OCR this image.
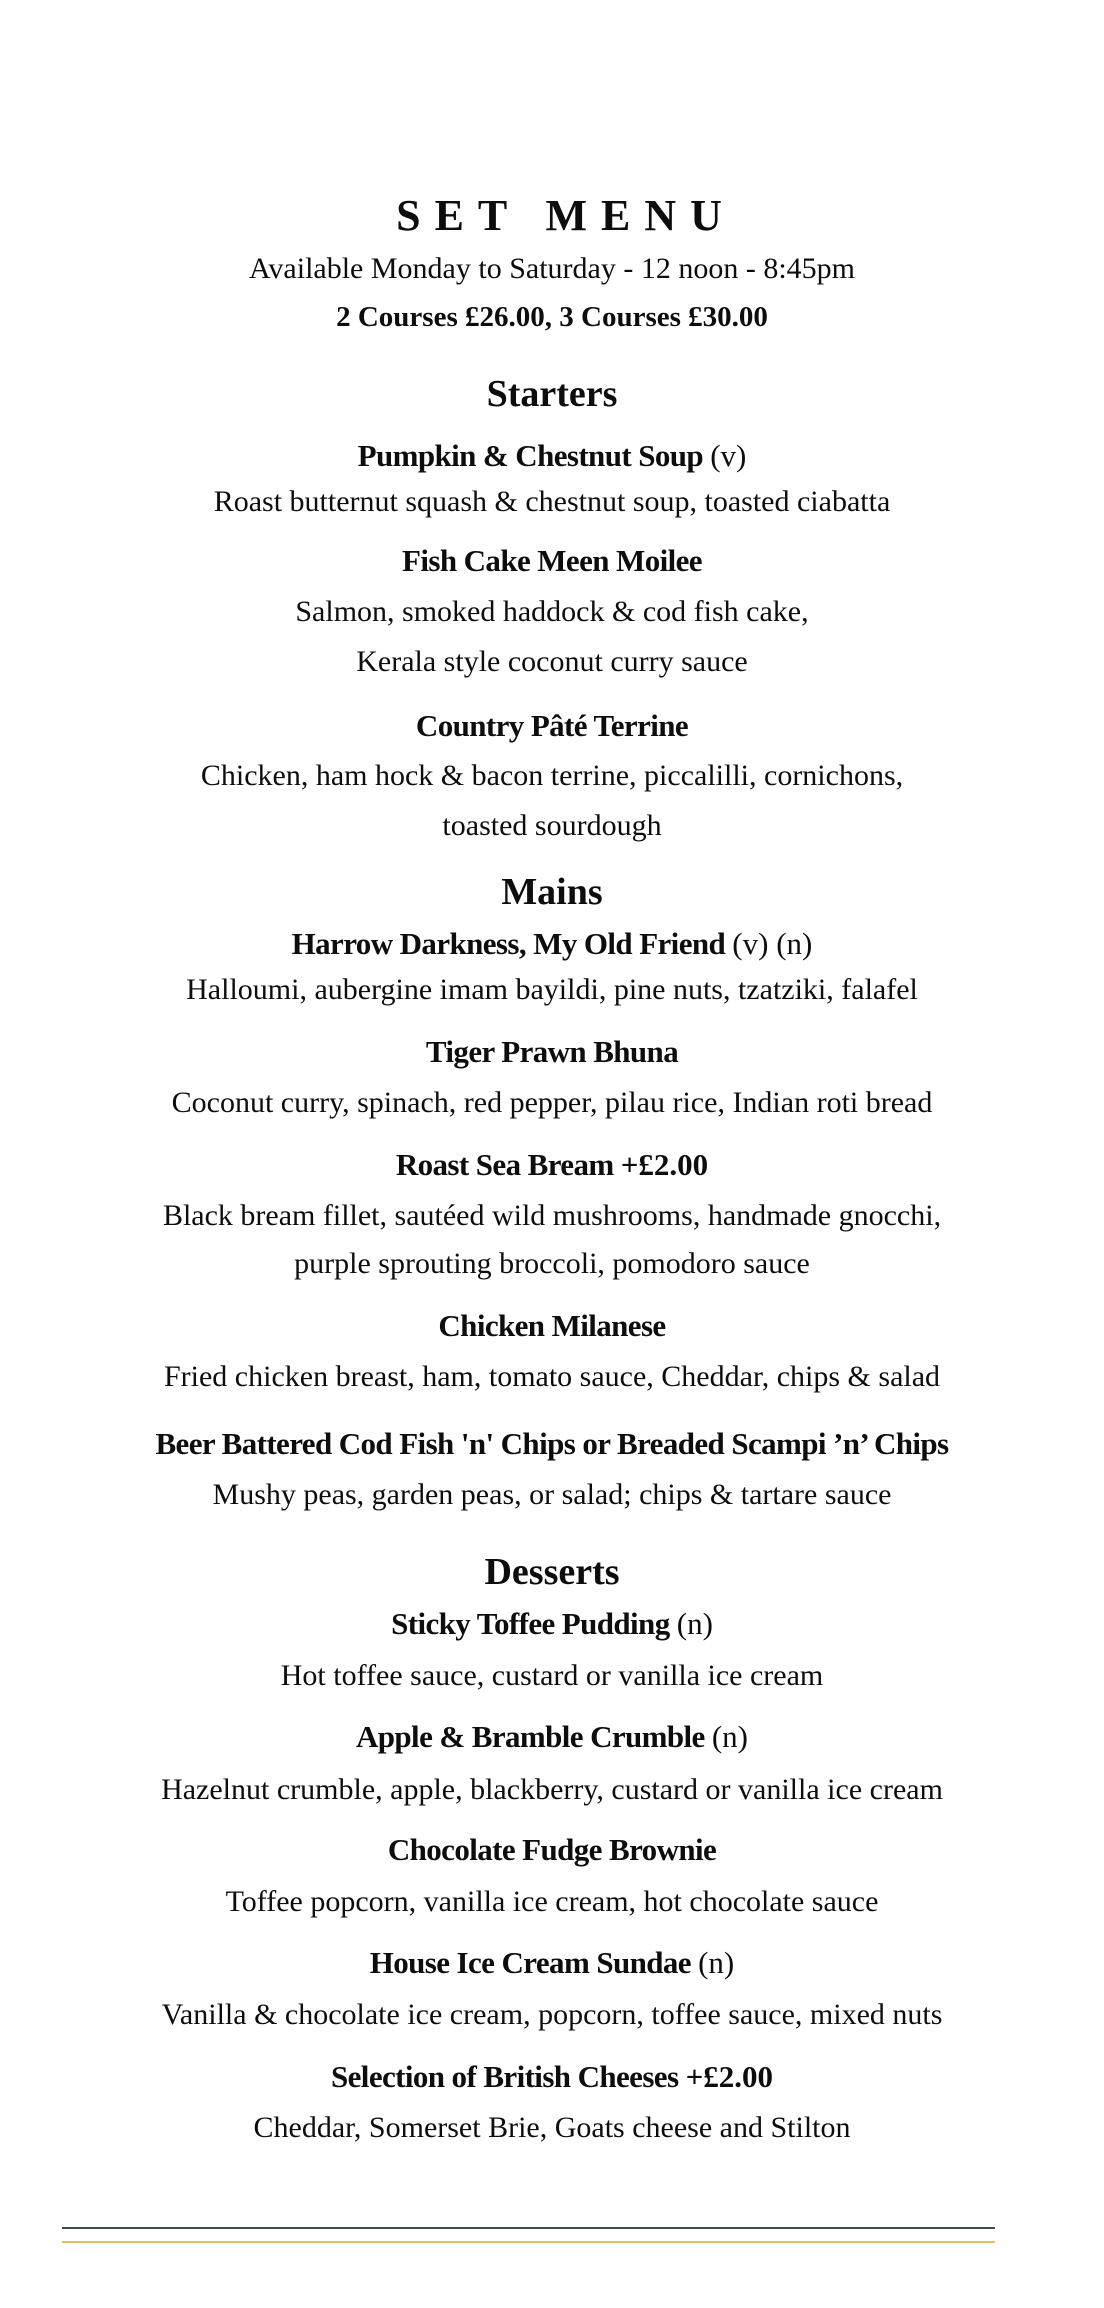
SET MENU
Available Monday to Saturday - 12 noon - 8:45pm
2 Courses £26.00, 3 Courses £30.00
Starters
Pumpkin & Chestnut Soup (v)
Roast butternut squash & chestnut soup, toasted ciabatta
Fish Cake Meen Moilee
Salmon, smoked haddock & cod fish cake,
Kerala style coconut curry sauce
Country Pâté Terrine
Chicken, ham hock & bacon terrine, piccalilli, cornichons,
toasted sourdough
Mains
Harrow Darkness, My Old Friend (v) (n)
Halloumi, aubergine imam bayildi, pine nuts, tzatziki, falafel
Tiger Prawn Bhuna
Coconut curry, spinach, red pepper, pilau rice, Indian roti bread
Roast Sea Bream +£2.00
Black bream fillet, sautéed wild mushrooms, handmade gnocchi,
purple sprouting broccoli, pomodoro sauce
Chicken Milanese
Fried chicken breast, ham, tomato sauce, Cheddar, chips & salad
Beer Battered Cod Fish 'n' Chips or Breaded Scampi ’n’ Chips
Mushy peas, garden peas, or salad; chips & tartare sauce
Desserts
Sticky Toffee Pudding (n)
Hot toffee sauce, custard or vanilla ice cream
Apple & Bramble Crumble (n)
Hazelnut crumble, apple, blackberry, custard or vanilla ice cream
Chocolate Fudge Brownie
Toffee popcorn, vanilla ice cream, hot chocolate sauce
House Ice Cream Sundae (n)
Vanilla & chocolate ice cream, popcorn, toffee sauce, mixed nuts
Selection of British Cheeses +£2.00
Cheddar, Somerset Brie, Goats cheese and Stilton
